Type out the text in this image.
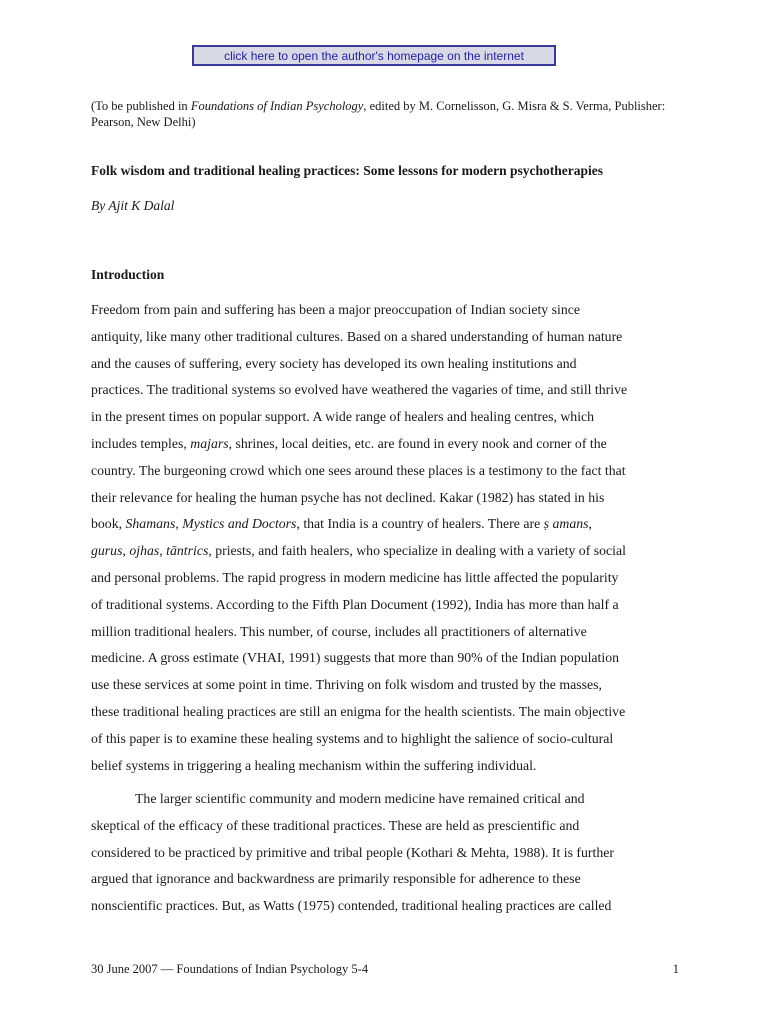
click here to open the author's homepage on the internet
(To be published in Foundations of Indian Psychology, edited by M. Cornelisson, G. Misra & S. Verma, Publisher:
Pearson, New Delhi)
Folk wisdom and traditional healing practices: Some lessons for modern psychotherapies
By Ajit K Dalal
Introduction
Freedom from pain and suffering has been a major preoccupation of Indian society since
antiquity, like many other traditional cultures. Based on a shared understanding of human nature
and the causes of suffering, every society has developed its own healing institutions and
practices. The traditional systems so evolved have weathered the vagaries of time, and still thrive
in the present times on popular support. A wide range of healers and healing centres, which
includes temples, majars, shrines, local deities, etc. are found in every nook and corner of the
country. The burgeoning crowd which one sees around these places is a testimony to the fact that
their relevance for healing the human psyche has not declined. Kakar (1982) has stated in his
book, Shamans, Mystics and Doctors, that India is a country of healers. There are ṣ amans,
gurus, ojhas, tāntrics, priests, and faith healers, who specialize in dealing with a variety of social
and personal problems. The rapid progress in modern medicine has little affected the popularity
of traditional systems. According to the Fifth Plan Document (1992), India has more than half a
million traditional healers. This number, of course, includes all practitioners of alternative
medicine. A gross estimate (VHAI, 1991) suggests that more than 90% of the Indian population
use these services at some point in time. Thriving on folk wisdom and trusted by the masses,
these traditional healing practices are still an enigma for the health scientists. The main objective
of this paper is to examine these healing systems and to highlight the salience of socio-cultural
belief systems in triggering a healing mechanism within the suffering individual.
The larger scientific community and modern medicine have remained critical and
skeptical of the efficacy of these traditional practices. These are held as prescientific and
considered to be practiced by primitive and tribal people (Kothari & Mehta, 1988). It is further
argued that ignorance and backwardness are primarily responsible for adherence to these
nonscientific practices. But, as Watts (1975) contended, traditional healing practices are called
30 June 2007 — Foundations of Indian Psychology 5-4	1
